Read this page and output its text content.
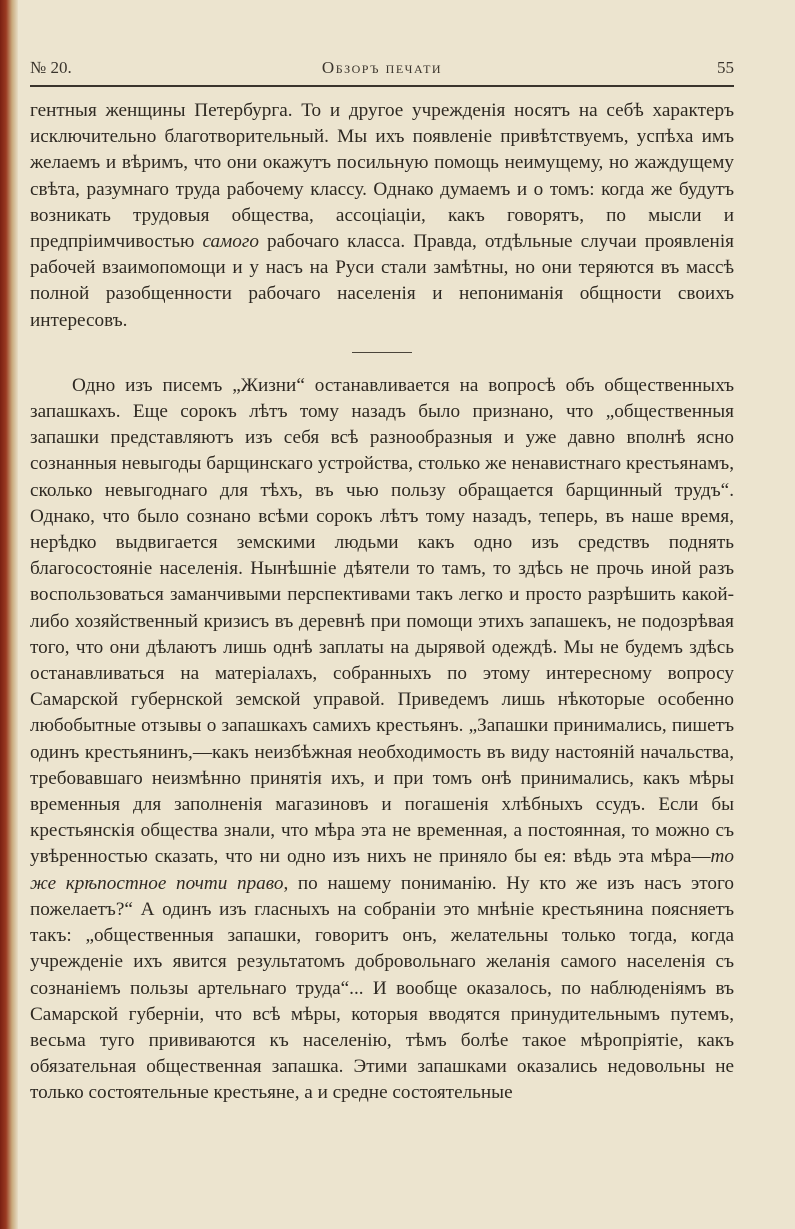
№ 20.	Обзоръ печати	55

гентныя женщины Петербурга. То и другое учрежденія носятъ на себѣ характеръ исключительно благотворительный. Мы ихъ появленіе привѣтствуемъ, успѣха имъ желаемъ и вѣримъ, что они окажутъ посильную помощь неимущему, но жаждущему свѣта, разумнаго труда рабочему классу. Однако думаемъ и о томъ: когда же будутъ возникать трудовыя общества, ассоціаціи, какъ говорятъ, по мысли и предпріимчивостью самого рабочаго класса. Правда, отдѣльные случаи проявленія рабочей взаимопомощи и у насъ на Руси стали замѣтны, но они теряются въ массѣ полной разобщенности рабочаго населенія и непониманія общности своихъ интересовъ.

Одно изъ писемъ „Жизни“ останавливается на вопросѣ объ общественныхъ запашкахъ. Еще сорокъ лѣтъ тому назадъ было признано, что „общественныя запашки представляютъ изъ себя всѣ разнообразныя и уже давно вполнѣ ясно сознанныя невыгоды барщинскагo устройства, столько же ненавистнаго крестьянамъ, сколько невыгоднаго для тѣхъ, въ чью пользу обращается барщинный трудъ“. Однако, что было сознано всѣми сорокъ лѣтъ тому назадъ, теперь, въ наше время, нерѣдко выдвигается земскими людьми какъ одно изъ средствъ поднять благосостояніе населенія. Нынѣшніе дѣятели то тамъ, то здѣсь не прочь иной разъ воспользоваться заманчивыми перспективами такъ легко и просто разрѣшить какой-либо хозяйственный кризисъ въ деревнѣ при помощи этихъ запашекъ, не подозрѣвая того, что они дѣлаютъ лишь однѣ заплаты на дырявой одеждѣ. Мы не будемъ здѣсь останавливаться на матеріалахъ, собранныхъ по этому интересному вопросу Самарской губернской земской управой. Приведемъ лишь нѣкоторые особенно любобытные отзывы о запашкахъ самихъ крестьянъ. „Запашки принимались, пишетъ одинъ крестьянинъ,—какъ неизбѣжная необходимость въ виду настояній начальства, требовавшаго неизмѣнно принятія ихъ, и при томъ онѣ принимались, какъ мѣры временныя для заполненія магазиновъ и погашенія хлѣбныхъ ссудъ. Если бы крестьянскія общества знали, что мѣра эта не временная, а постоянная, то можно съ увѣренностью сказать, что ни одно изъ нихъ не приняло бы ея: вѣдь эта мѣра—то же крѣпостное почти право, по нашему пониманію. Ну кто же изъ насъ этого пожелаетъ?“ А одинъ изъ гласныхъ на собраніи это мнѣніе крестьянина поясняетъ такъ: „общественныя запашки, говоритъ онъ, желательны только тогда, когда учрежденіе ихъ явится результатомъ добровольнаго желанія самого населенія съ сознаніемъ пользы артельнаго труда“... И вообще оказалось, по наблюденіямъ въ Самарской губерніи, что всѣ мѣры, которыя вводятся принудительнымъ путемъ, весьма туго прививаются къ населенію, тѣмъ болѣе такое мѣропріятіе, какъ обязательная общественная запашка. Этими запашками оказались недовольны не только состоятельные крестьяне, а и средне состоятельные
